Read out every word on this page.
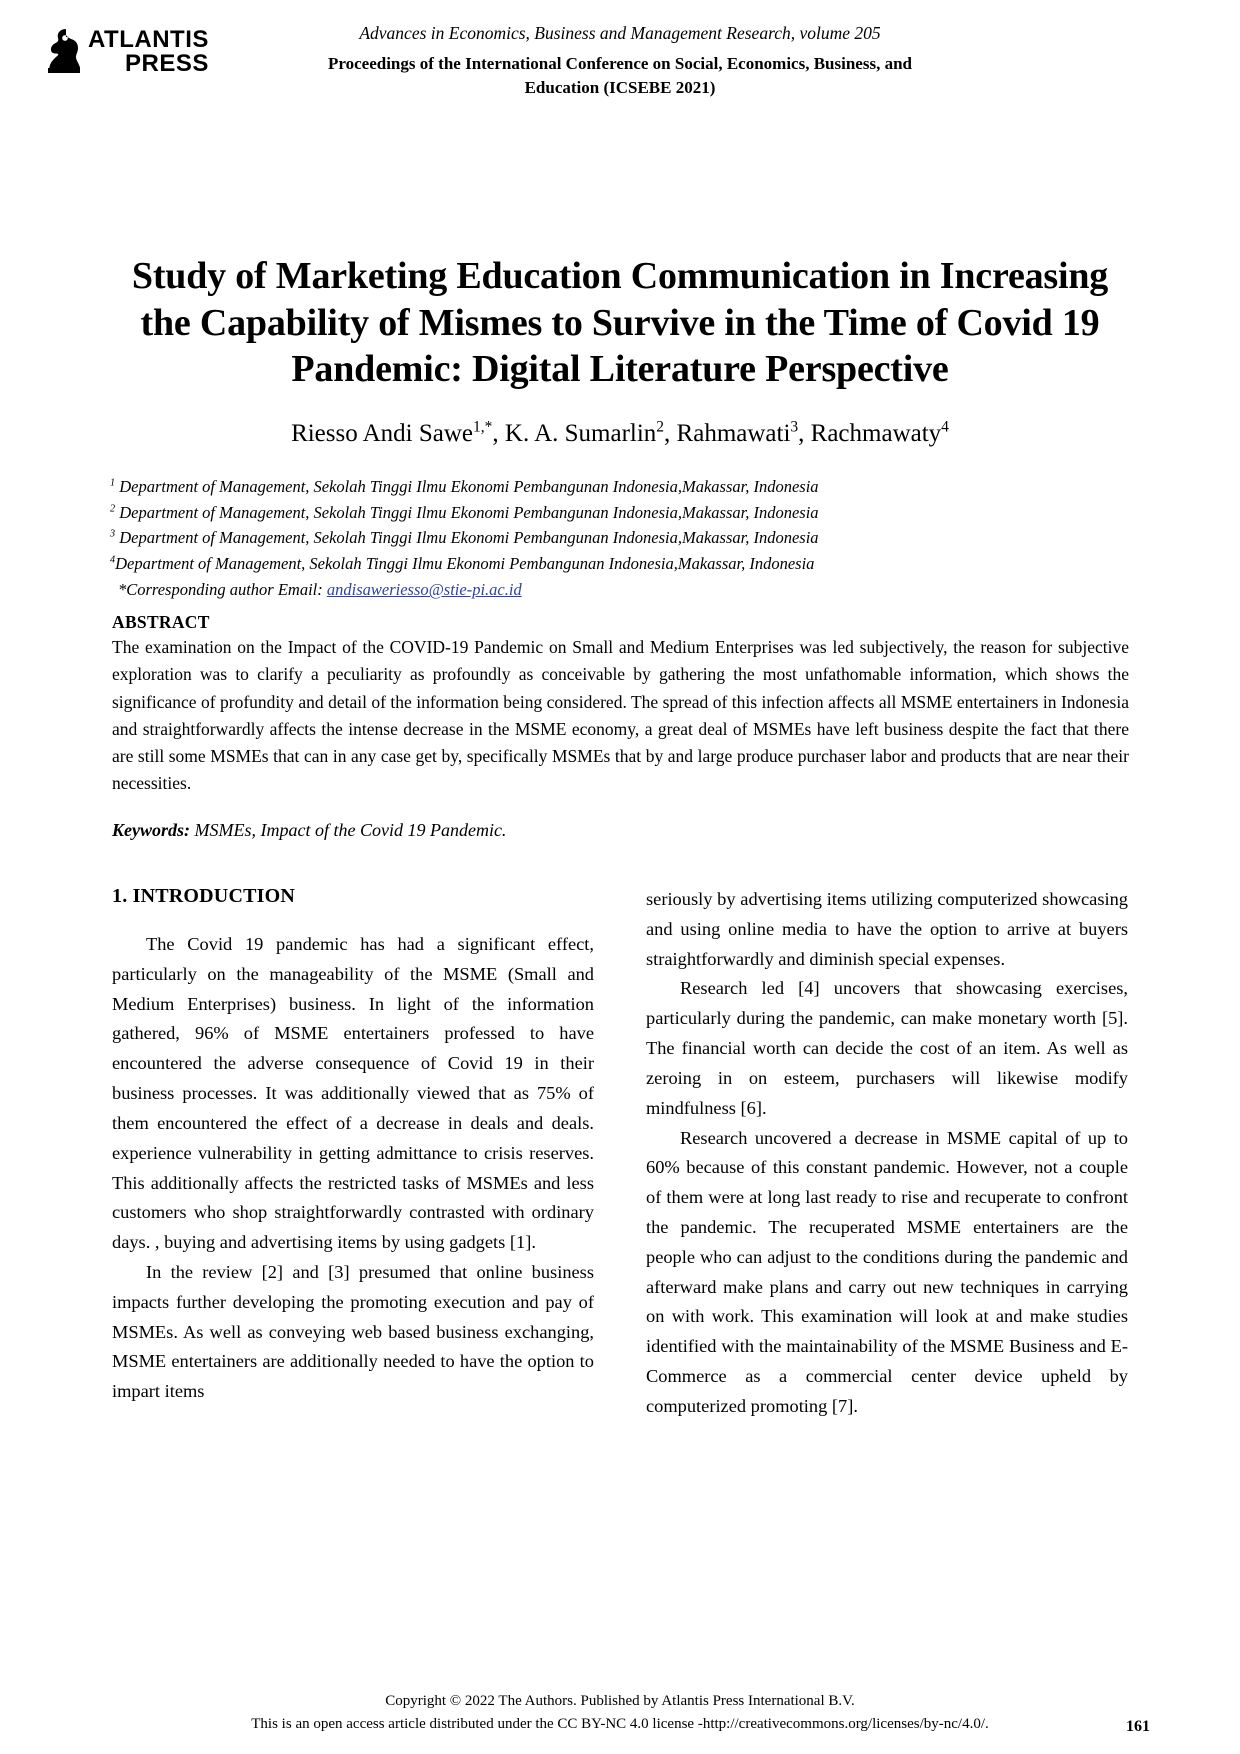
ATLANTIS
PRESS
Advances in Economics, Business and Management Research, volume 205
Proceedings of the International Conference on Social, Economics, Business, and
Education (ICSEBE 2021)
Study of Marketing Education Communication in Increasing the Capability of Mismes to Survive in the Time of Covid 19 Pandemic: Digital Literature Perspective
Riesso Andi Sawe$^{1,*}$, K. A. Sumarlin$^2$, Rahmawati$^3$, Rachmawaty$^4$
$^1$ Department of Management, Sekolah Tinggi Ilmu Ekonomi Pembangunan Indonesia,Makassar, Indonesia
$^2$ Department of Management, Sekolah Tinggi Ilmu Ekonomi Pembangunan Indonesia,Makassar, Indonesia
$^3$ Department of Management, Sekolah Tinggi Ilmu Ekonomi Pembangunan Indonesia,Makassar, Indonesia
$^4$Department of Management, Sekolah Tinggi Ilmu Ekonomi Pembangunan Indonesia,Makassar, Indonesia
*Corresponding author Email: andisaweriesso@stie-pi.ac.id
ABSTRACT
The examination on the Impact of the COVID-19 Pandemic on Small and Medium Enterprises was led subjectively, the reason for subjective exploration was to clarify a peculiarity as profoundly as conceivable by gathering the most unfathomable information, which shows the significance of profundity and detail of the information being considered. The spread of this infection affects all MSME entertainers in Indonesia and straightforwardly affects the intense decrease in the MSME economy, a great deal of MSMEs have left business despite the fact that there are still some MSMEs that can in any case get by, specifically MSMEs that by and large produce purchaser labor and products that are near their necessities.
Keywords: MSMEs, Impact of the Covid 19 Pandemic.
1. INTRODUCTION

The Covid 19 pandemic has had a significant effect, particularly on the manageability of the MSME (Small and Medium Enterprises) business. In light of the information gathered, 96% of MSME entertainers professed to have encountered the adverse consequence of Covid 19 in their business processes. It was additionally viewed that as 75% of them encountered the effect of a decrease in deals and deals. experience vulnerability in getting admittance to crisis reserves. This additionally affects the restricted tasks of MSMEs and less customers who shop straightforwardly contrasted with ordinary days. , buying and advertising items by using gadgets [1].

In the review [2] and [3] presumed that online business impacts further developing the promoting execution and pay of MSMEs. As well as conveying web based business exchanging, MSME entertainers are additionally needed to have the option to impart items

seriously by advertising items utilizing computerized showcasing and using online media to have the option to arrive at buyers straightforwardly and diminish special expenses.

Research led [4] uncovers that showcasing exercises, particularly during the pandemic, can make monetary worth [5]. The financial worth can decide the cost of an item. As well as zeroing in on esteem, purchasers will likewise modify mindfulness [6].

Research uncovered a decrease in MSME capital of up to 60% because of this constant pandemic. However, not a couple of them were at long last ready to rise and recuperate to confront the pandemic. The recuperated MSME entertainers are the people who can adjust to the conditions during the pandemic and afterward make plans and carry out new techniques in carrying on with work. This examination will look at and make studies identified with the maintainability of the MSME Business and E-Commerce as a commercial center device upheld by computerized promoting [7].

Copyright © 2022 The Authors. Published by Atlantis Press International B.V.
This is an open access article distributed under the CC BY-NC 4.0 license -http://creativecommons.org/licenses/by-nc/4.0/.	161
